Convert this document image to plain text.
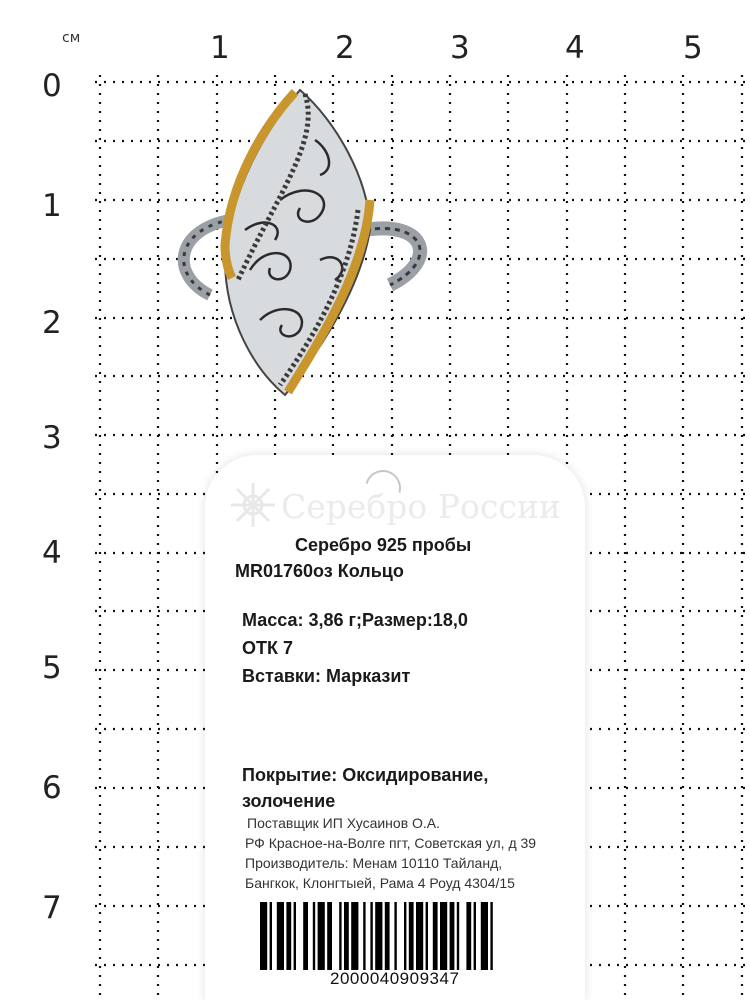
см	1	2	3	4	5
0
1
2
3
4
5
6
7
Серебро России
Серебро 925 пробы
MR01760оз Кольцо
Масса: 3,86 г;Размер:18,0
ОТК 7
Вставки: Марказит
Покрытие: Оксидирование,
золочение
Поставщик ИП Хусаинов О.А.
РФ Красное-на-Волге пгт, Советская ул, д 39
Производитель: Менам 10110 Тайланд,
Бангкок, Клонгтыей, Рама 4 Роуд 4304/15
2000040909347
